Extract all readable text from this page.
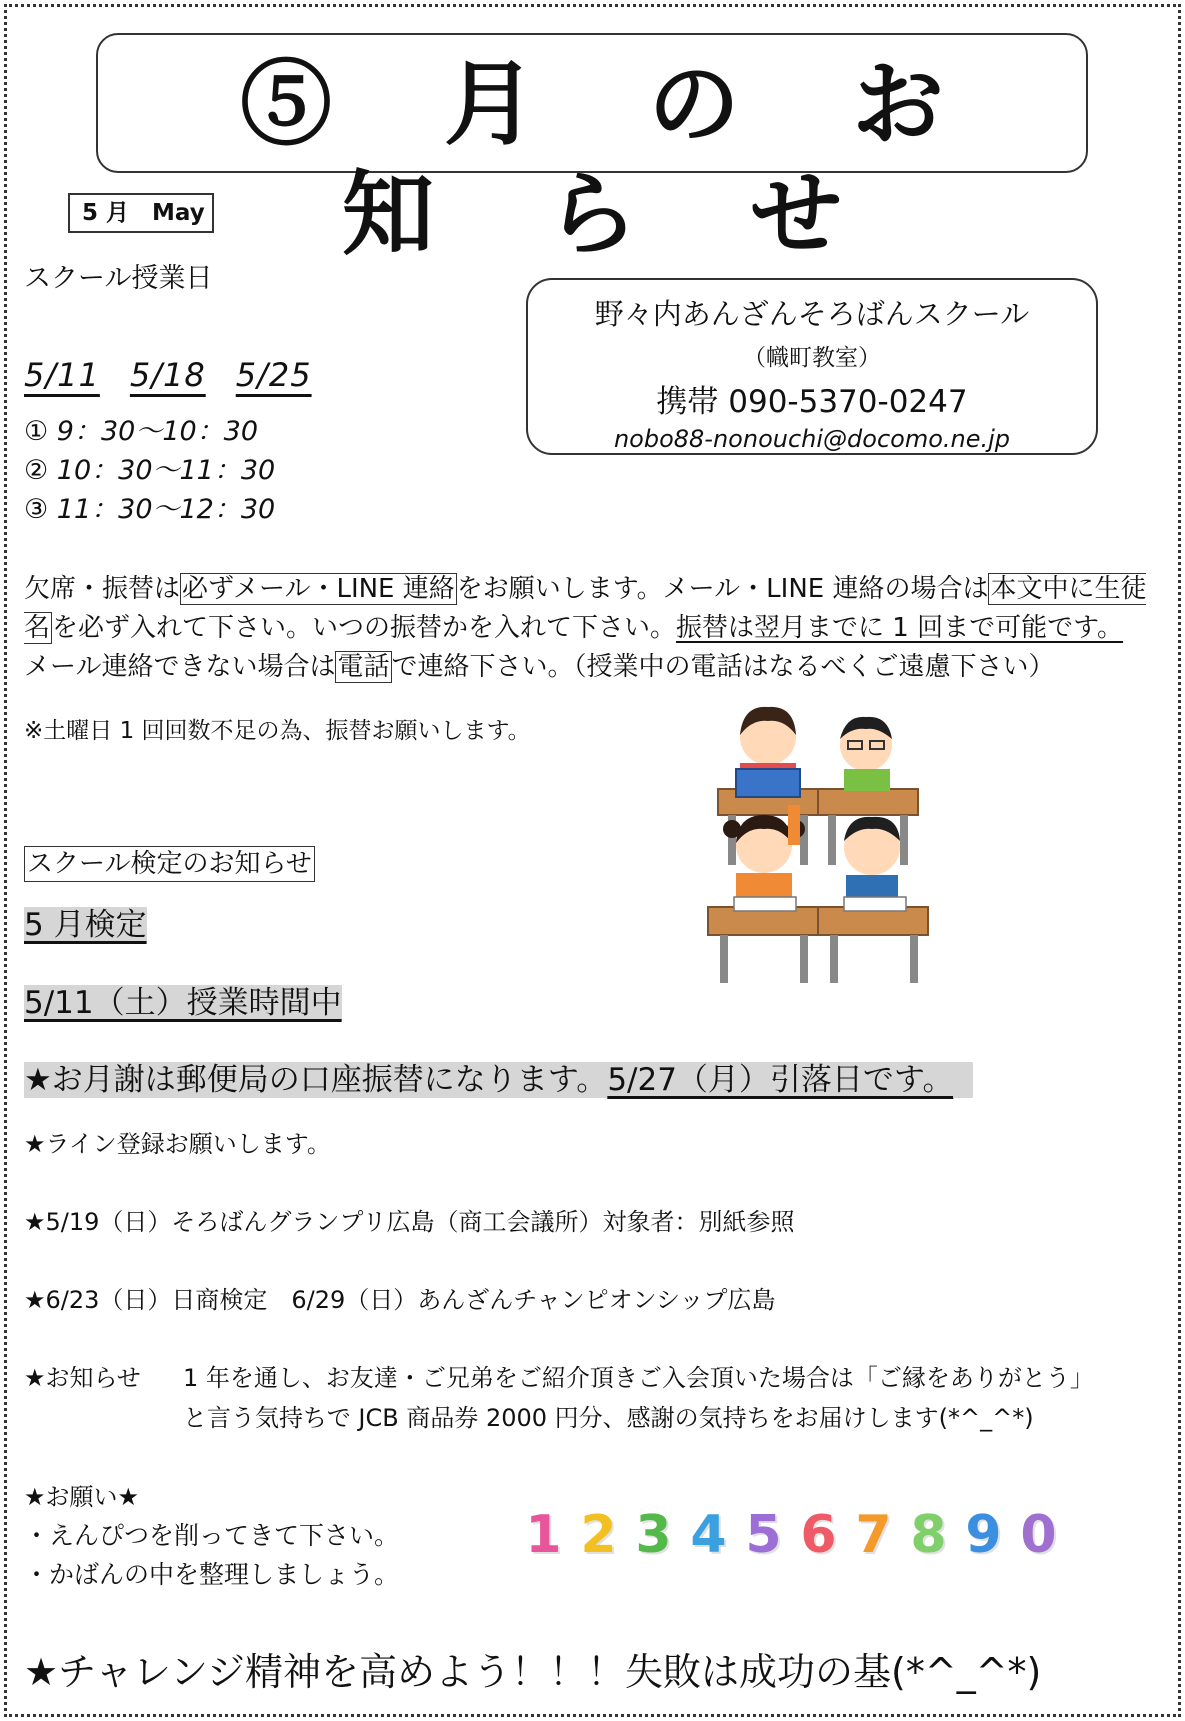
⑤ 月 の お 知 ら せ
5 月　May
スクール授業日
5/11 5/18 5/25
① 9：30～10：30
② 10：30～11：30
③ 11：30～12：30
野々内あんざんそろばんスクール
（幟町教室）
携帯 090-5370-0247
nobo88-nonouchi@docomo.ne.jp
欠席・振替は必ずメール・LINE 連絡をお願いします。メール・LINE 連絡の場合は本文中に生徒名を必ず入れて下さい。いつの振替かを入れて下さい。振替は翌月までに 1 回まで可能です。
メール連絡できない場合は電話で連絡下さい。（授業中の電話はなるべくご遠慮下さい）
※土曜日 1 回回数不足の為、振替お願いします。
スクール検定のお知らせ
5 月検定
5/11（土）授業時間中
★お月謝は郵便局の口座振替になります。5/27（月）引落日です。
★ライン登録お願いします。
★5/19（日）そろばんグランプリ広島（商工会議所）対象者：別紙参照
★6/23（日）日商検定　6/29（日）あんざんチャンピオンシップ広島
★お知らせ 1 年を通し、お友達・ご兄弟をご紹介頂きご入会頂いた場合は「ご縁をありがとう」
と言う気持ちで JCB 商品券 2000 円分、感謝の気持ちをお届けします(*^_^*)
★お願い★
・えんぴつを削ってきて下さい。
・かばんの中を整理しましょう。
1 2 3 4 5 6 7 8 9 0
★チャレンジ精神を高めよう！！！失敗は成功の基(*^_^*)
